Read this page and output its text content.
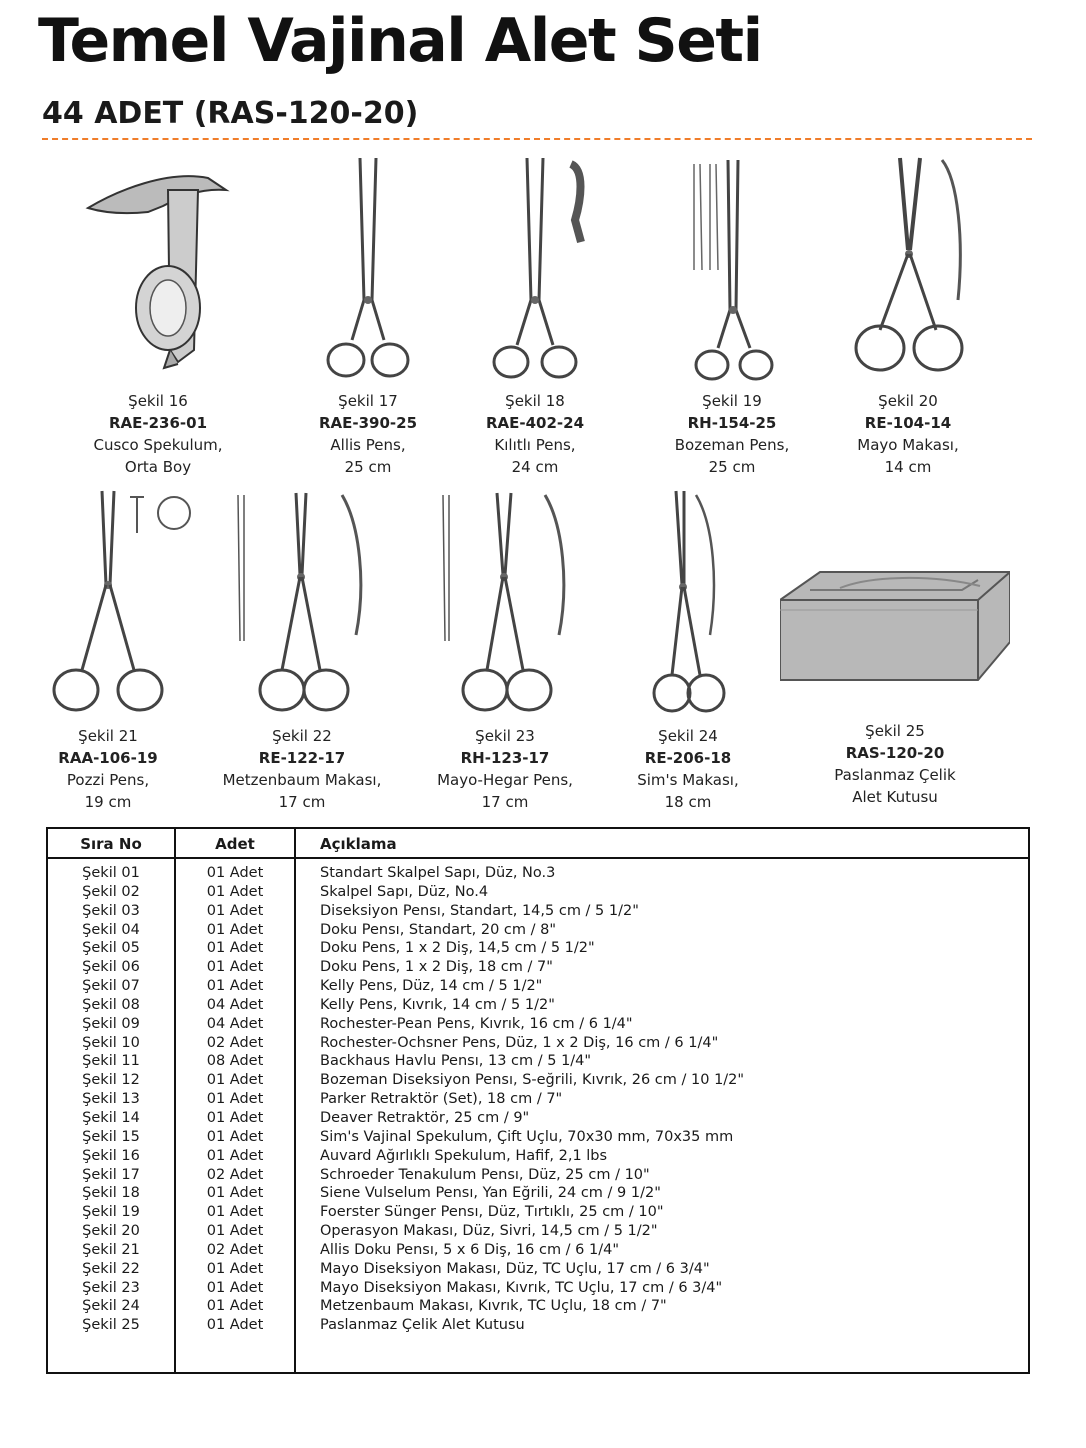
Temel Vajinal Alet Seti
44 ADET (RAS-120-20)
Şekil 16
RAE-236-01
Cusco Spekulum,
Orta Boy
Şekil 17
RAE-390-25
Allis Pens,
25 cm
Şekil 18
RAE-402-24
Kılıtlı Pens,
24 cm
Şekil 19
RH-154-25
Bozeman Pens,
25 cm
Şekil 20
RE-104-14
Mayo Makası,
14 cm
Şekil 21
RAA-106-19
Pozzi Pens,
19 cm
Şekil 22
RE-122-17
Metzenbaum Makası,
17 cm
Şekil 23
RH-123-17
Mayo-Hegar Pens,
17 cm
Şekil 24
RE-206-18
Sim's Makası,
18 cm
Şekil 25
RAS-120-20
Paslanmaz Çelik
Alet Kutusu
Sıra No	Adet	Açıklama
Şekil 01	01 Adet	Standart Skalpel Sapı, Düz, No.3
Şekil 02	01 Adet	Skalpel Sapı, Düz, No.4
Şekil 03	01 Adet	Diseksiyon Pensı, Standart, 14,5 cm / 5 1/2"
Şekil 04	01 Adet	Doku Pensı, Standart, 20 cm / 8"
Şekil 05	01 Adet	Doku Pens, 1 x 2 Diş, 14,5 cm / 5 1/2"
Şekil 06	01 Adet	Doku Pens, 1 x 2 Diş, 18 cm / 7"
Şekil 07	01 Adet	Kelly Pens, Düz, 14 cm / 5 1/2"
Şekil 08	04 Adet	Kelly Pens, Kıvrık, 14 cm / 5 1/2"
Şekil 09	04 Adet	Rochester-Pean Pens, Kıvrık, 16 cm / 6 1/4"
Şekil 10	02 Adet	Rochester-Ochsner Pens, Düz, 1 x 2 Diş, 16 cm / 6 1/4"
Şekil 11	08 Adet	Backhaus Havlu Pensı, 13 cm / 5 1/4"
Şekil 12	01 Adet	Bozeman Diseksiyon Pensı, S-eğrili, Kıvrık, 26 cm / 10 1/2"
Şekil 13	01 Adet	Parker Retraktör (Set), 18 cm / 7"
Şekil 14	01 Adet	Deaver Retraktör, 25 cm / 9"
Şekil 15	01 Adet	Sim's Vajinal Spekulum, Çift Uçlu, 70x30 mm, 70x35 mm
Şekil 16	01 Adet	Auvard Ağırlıklı Spekulum, Hafif, 2,1 lbs
Şekil 17	02 Adet	Schroeder Tenakulum Pensı, Düz, 25 cm / 10"
Şekil 18	01 Adet	Siene Vulselum Pensı, Yan Eğrili, 24 cm / 9 1/2"
Şekil 19	01 Adet	Foerster Sünger Pensı, Düz, Tırtıklı, 25 cm / 10"
Şekil 20	01 Adet	Operasyon Makası, Düz, Sivri, 14,5 cm / 5 1/2"
Şekil 21	02 Adet	Allis Doku Pensı, 5 x 6 Diş, 16 cm / 6 1/4"
Şekil 22	01 Adet	Mayo Diseksiyon Makası, Düz, TC Uçlu, 17 cm / 6 3/4"
Şekil 23	01 Adet	Mayo Diseksiyon Makası, Kıvrık, TC Uçlu, 17 cm / 6 3/4"
Şekil 24	01 Adet	Metzenbaum Makası, Kıvrık, TC Uçlu, 18 cm / 7"
Şekil 25	01 Adet	Paslanmaz Çelik Alet Kutusu
